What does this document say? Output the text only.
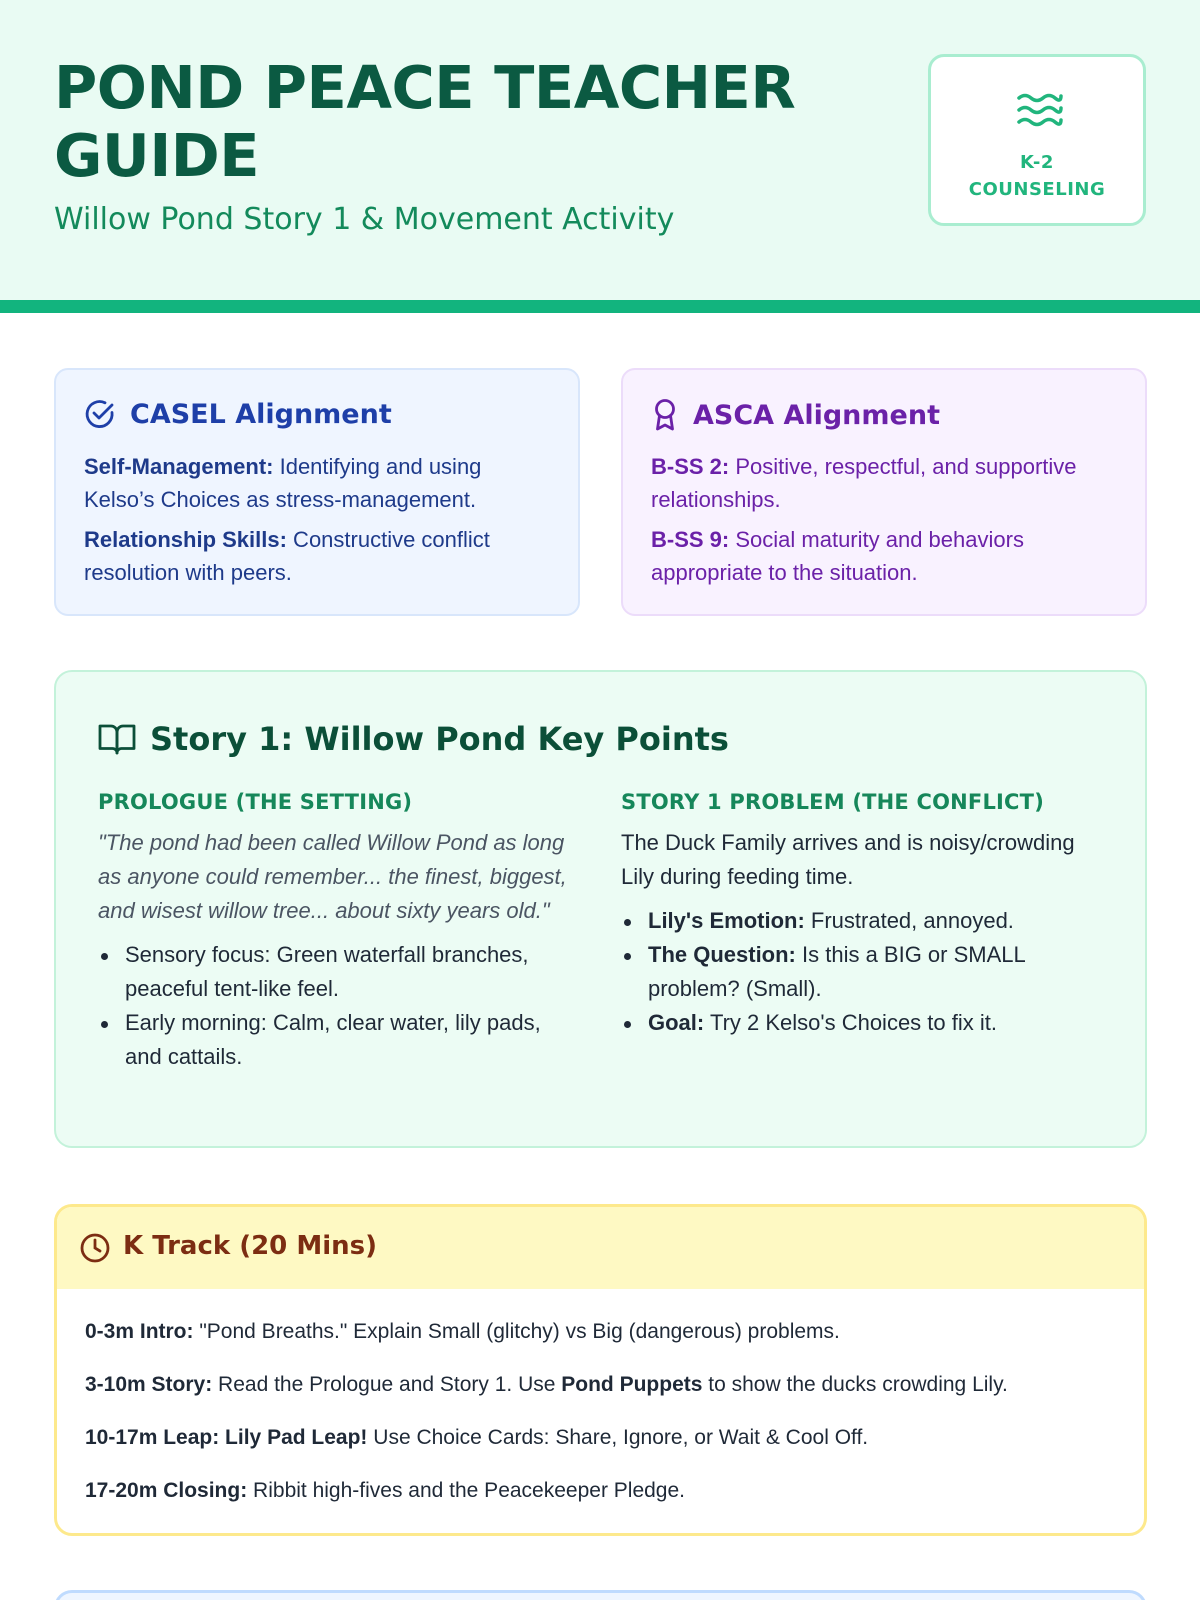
POND PEACE TEACHER GUIDE
Willow Pond Story 1 & Movement Activity
K-2
COUNSELING
CASEL Alignment

Self-Management: Identifying and using Kelso’s Choices as stress-management.

Relationship Skills: Constructive conflict resolution with peers.

ASCA Alignment

B-SS 2: Positive, respectful, and supportive relationships.

B-SS 9: Social maturity and behaviors appropriate to the situation.

Story 1: Willow Pond Key Points
PROLOGUE (THE SETTING)
"The pond had been called Willow Pond as long as anyone could remember... the finest, biggest, and wisest willow tree... about sixty years old."
Sensory focus: Green waterfall branches, peaceful tent-like feel.
Early morning: Calm, clear water, lily pads, and cattails.
STORY 1 PROBLEM (THE CONFLICT)
The Duck Family arrives and is noisy/crowding Lily during feeding time.
Lily's Emotion: Frustrated, annoyed.
The Question: Is this a BIG or SMALL problem? (Small).
Goal: Try 2 Kelso's Choices to fix it.
K Track (20 Mins)
0-3m Intro: "Pond Breaths." Explain Small (glitchy) vs Big (dangerous) problems.
3-10m Story: Read the Prologue and Story 1. Use Pond Puppets to show the ducks crowding Lily.
10-17m Leap: Lily Pad Leap! Use Choice Cards: Share, Ignore, or Wait & Cool Off.
17-20m Closing: Ribbit high-fives and the Peacekeeper Pledge.
